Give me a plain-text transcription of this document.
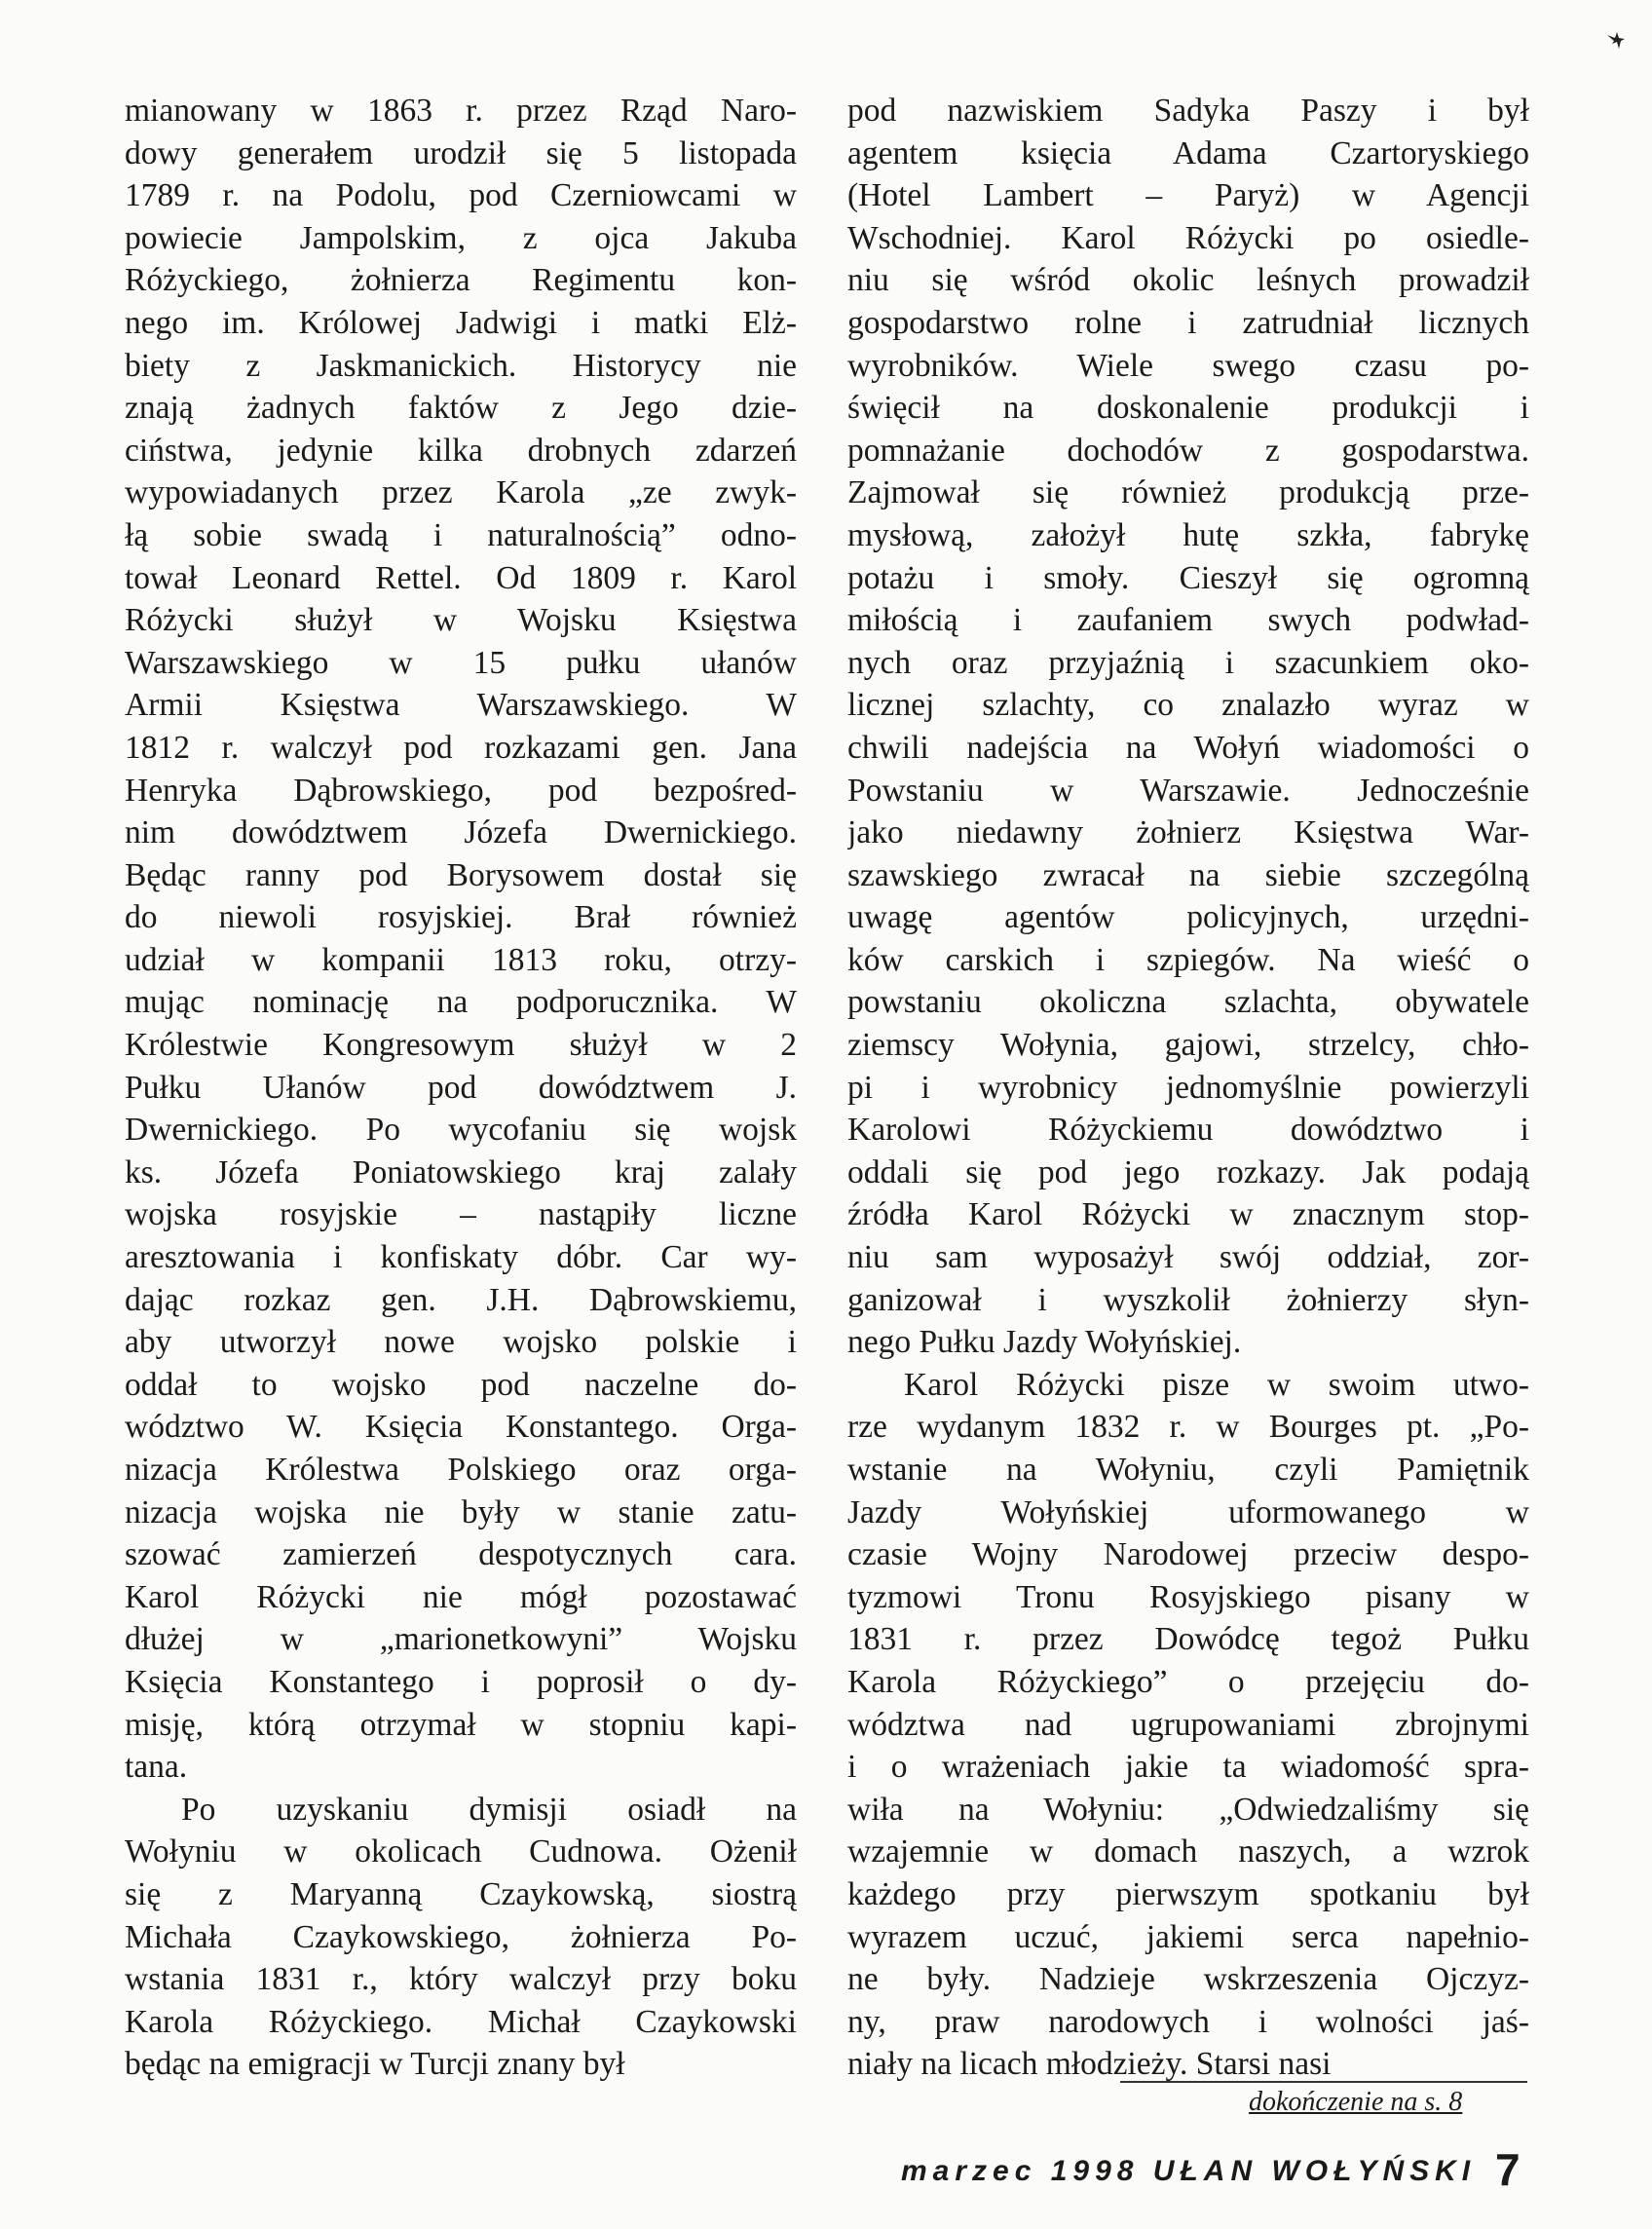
mianowany w 1863 r. przez Rząd Naro-
dowy generałem urodził się 5 listopada
1789 r. na Podolu, pod Czerniowcami w
powiecie Jampolskim, z ojca Jakuba
Różyckiego, żołnierza Regimentu kon-
nego im. Królowej Jadwigi i matki Elż-
biety z Jaskmanickich. Historycy nie
znają żadnych faktów z Jego dzie-
ciństwa, jedynie kilka drobnych zdarzeń
wypowiadanych przez Karola „ze zwyk-
łą sobie swadą i naturalnością” odno-
tował Leonard Rettel. Od 1809 r. Karol
Różycki służył w Wojsku Księstwa
Warszawskiego w 15 pułku ułanów
Armii Księstwa Warszawskiego. W
1812 r. walczył pod rozkazami gen. Jana
Henryka Dąbrowskiego, pod bezpośred-
nim dowództwem Józefa Dwernickiego.
Będąc ranny pod Borysowem dostał się
do niewoli rosyjskiej. Brał również
udział w kompanii 1813 roku, otrzy-
mując nominację na podporucznika. W
Królestwie Kongresowym służył w 2
Pułku Ułanów pod dowództwem J.
Dwernickiego. Po wycofaniu się wojsk
ks. Józefa Poniatowskiego kraj zalały
wojska rosyjskie – nastąpiły liczne
aresztowania i konfiskaty dóbr. Car wy-
dając rozkaz gen. J.H. Dąbrowskiemu,
aby utworzył nowe wojsko polskie i
oddał to wojsko pod naczelne do-
wództwo W. Księcia Konstantego. Orga-
nizacja Królestwa Polskiego oraz orga-
nizacja wojska nie były w stanie zatu-
szować zamierzeń despotycznych cara.
Karol Różycki nie mógł pozostawać
dłużej w „marionetkowyni” Wojsku
Księcia Konstantego i poprosił o dy-
misję, którą otrzymał w stopniu kapi-
tana.
Po uzyskaniu dymisji osiadł na
Wołyniu w okolicach Cudnowa. Ożenił
się z Maryanną Czaykowską, siostrą
Michała Czaykowskiego, żołnierza Po-
wstania 1831 r., który walczył przy boku
Karola Różyckiego. Michał Czaykowski
będąc na emigracji w Turcji znany był
pod nazwiskiem Sadyka Paszy i był
agentem księcia Adama Czartoryskiego
(Hotel Lambert – Paryż) w Agencji
Wschodniej. Karol Różycki po osiedle-
niu się wśród okolic leśnych prowadził
gospodarstwo rolne i zatrudniał licznych
wyrobników. Wiele swego czasu po-
święcił na doskonalenie produkcji i
pomnażanie dochodów z gospodarstwa.
Zajmował się również produkcją prze-
mysłową, założył hutę szkła, fabrykę
potażu i smoły. Cieszył się ogromną
miłością i zaufaniem swych podwład-
nych oraz przyjaźnią i szacunkiem oko-
licznej szlachty, co znalazło wyraz w
chwili nadejścia na Wołyń wiadomości o
Powstaniu w Warszawie. Jednocześnie
jako niedawny żołnierz Księstwa War-
szawskiego zwracał na siebie szczególną
uwagę agentów policyjnych, urzędni-
ków carskich i szpiegów. Na wieść o
powstaniu okoliczna szlachta, obywatele
ziemscy Wołynia, gajowi, strzelcy, chło-
pi i wyrobnicy jednomyślnie powierzyli
Karolowi Różyckiemu dowództwo i
oddali się pod jego rozkazy. Jak podają
źródła Karol Różycki w znacznym stop-
niu sam wyposażył swój oddział, zor-
ganizował i wyszkolił żołnierzy słyn-
nego Pułku Jazdy Wołyńskiej.
Karol Różycki pisze w swoim utwo-
rze wydanym 1832 r. w Bourges pt. „Po-
wstanie na Wołyniu, czyli Pamiętnik
Jazdy Wołyńskiej uformowanego w
czasie Wojny Narodowej przeciw despo-
tyzmowi Tronu Rosyjskiego pisany w
1831 r. przez Dowódcę tegoż Pułku
Karola Różyckiego” o przejęciu do-
wództwa nad ugrupowaniami zbrojnymi
i o wrażeniach jakie ta wiadomość spra-
wiła na Wołyniu: „Odwiedzaliśmy się
wzajemnie w domach naszych, a wzrok
każdego przy pierwszym spotkaniu był
wyrazem uczuć, jakiemi serca napełnio-
ne były. Nadzieje wskrzeszenia Ojczyz-
ny, praw narodowych i wolności jaś-
niały na licach młodzieży. Starsi nasi
dokończenie na s. 8
marzec 1998 UŁAN WOŁYŃSKI 7
